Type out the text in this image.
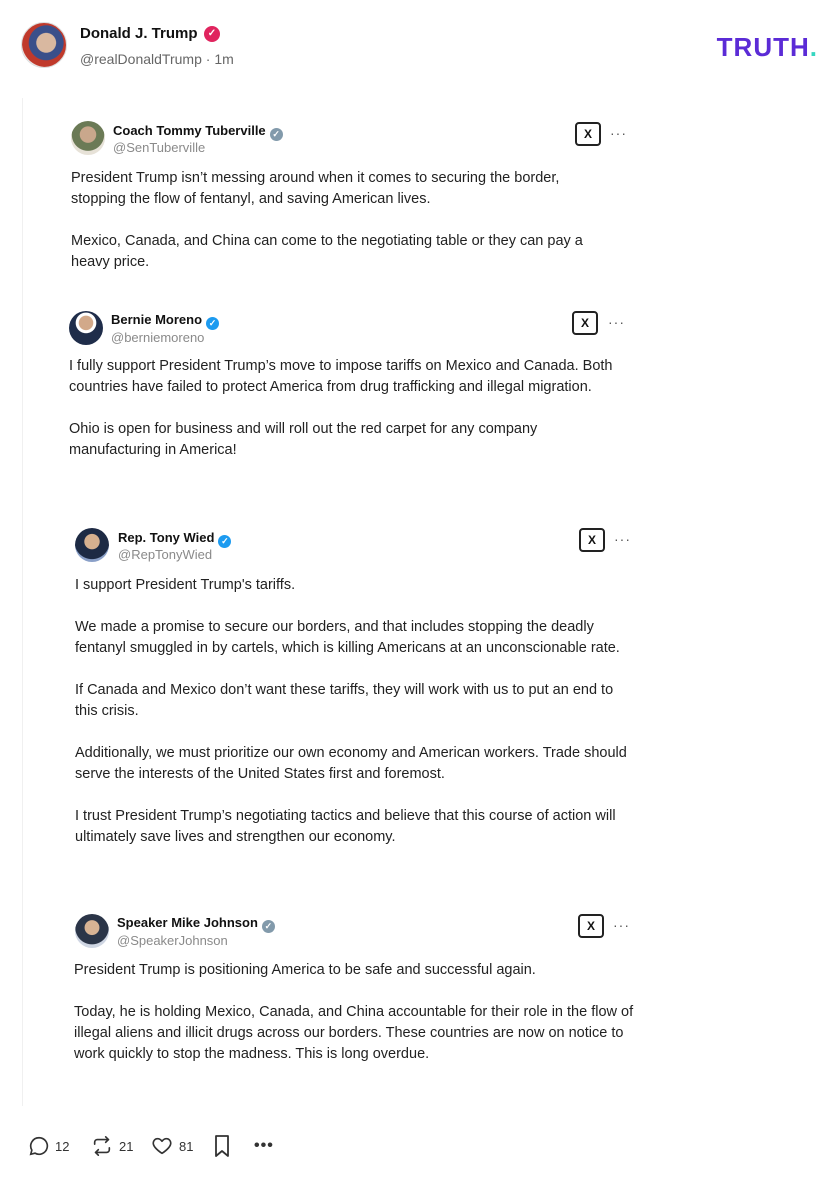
Donald J. Trump	✓
@realDonaldTrump · 1m	TRUTH.
Coach Tommy Tuberville ✓
@SenTuberville
X	···

President Trump isn’t messing around when it comes to securing the border, stopping the flow of fentanyl, and saving American lives.

Mexico, Canada, and China can come to the negotiating table or they can pay a heavy price.

Bernie Moreno ✓
@berniemoreno
X	···

I fully support President Trump’s move to impose tariffs on Mexico and Canada. Both countries have failed to protect America from drug trafficking and illegal migration.

Ohio is open for business and will roll out the red carpet for any company manufacturing in America!

Rep. Tony Wied ✓
@RepTonyWied
X	···

I support President Trump's tariffs.

We made a promise to secure our borders, and that includes stopping the deadly fentanyl smuggled in by cartels, which is killing Americans at an unconscionable rate.

If Canada and Mexico don’t want these tariffs, they will work with us to put an end to this crisis.

Additionally, we must prioritize our own economy and American workers. Trade should serve the interests of the United States first and foremost.

I trust President Trump’s negotiating tactics and believe that this course of action will ultimately save lives and strengthen our economy.

Speaker Mike Johnson ✓
@SpeakerJohnson
X	···

President Trump is positioning America to be safe and successful again.

Today, he is holding Mexico, Canada, and China accountable for their role in the flow of illegal aliens and illicit drugs across our borders. These countries are now on notice to work quickly to stop the madness. This is long overdue.

12	21	81	•••
